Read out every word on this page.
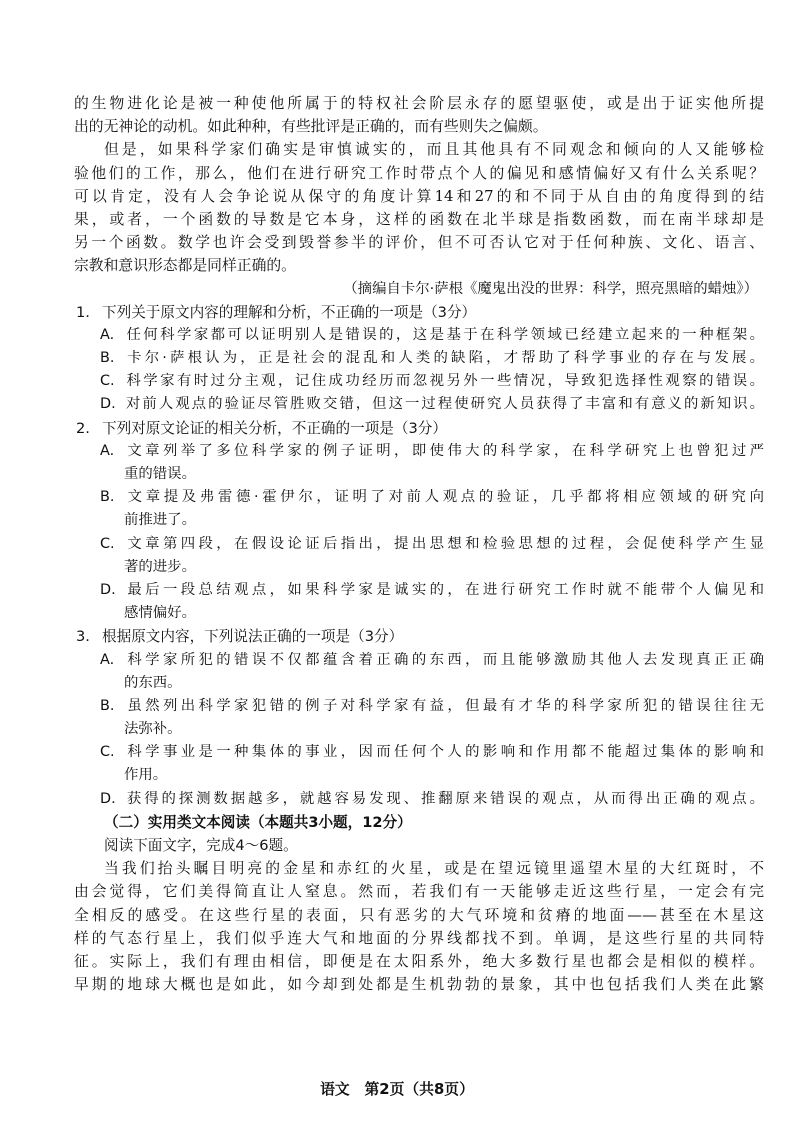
的生物进化论是被一种使他所属于的特权社会阶层永存的愿望驱使，或是出于证实他所提
出的无神论的动机。如此种种，有些批评是正确的，而有些则失之偏颇。
但是，如果科学家们确实是审慎诚实的，而且其他具有不同观念和倾向的人又能够检
验他们的工作，那么，他们在进行研究工作时带点个人的偏见和感情偏好又有什么关系呢？
可以肯定，没有人会争论说从保守的角度计算14和27的和不同于从自由的角度得到的结
果，或者，一个函数的导数是它本身，这样的函数在北半球是指数函数，而在南半球却是
另一个函数。数学也许会受到毁誉参半的评价，但不可否认它对于任何种族、文化、语言、
宗教和意识形态都是同样正确的。
（摘编自卡尔·萨根《魔鬼出没的世界：科学，照亮黑暗的蜡烛》）
1. 下列关于原文内容的理解和分析，不正确的一项是（3分）
A. 任何科学家都可以证明别人是错误的，这是基于在科学领域已经建立起来的一种框架。
B. 卡尔·萨根认为，正是社会的混乱和人类的缺陷，才帮助了科学事业的存在与发展。
C. 科学家有时过分主观，记住成功经历而忽视另外一些情况，导致犯选择性观察的错误。
D. 对前人观点的验证尽管胜败交错，但这一过程使研究人员获得了丰富和有意义的新知识。
2. 下列对原文论证的相关分析，不正确的一项是（3分）
A. 文章列举了多位科学家的例子证明，即使伟大的科学家，在科学研究上也曾犯过严
重的错误。
B. 文章提及弗雷德·霍伊尔，证明了对前人观点的验证，几乎都将相应领域的研究向
前推进了。
C. 文章第四段，在假设论证后指出，提出思想和检验思想的过程，会促使科学产生显
著的进步。
D. 最后一段总结观点，如果科学家是诚实的，在进行研究工作时就不能带个人偏见和
感情偏好。
3. 根据原文内容，下列说法正确的一项是（3分）
A. 科学家所犯的错误不仅都蕴含着正确的东西，而且能够激励其他人去发现真正正确
的东西。
B. 虽然列出科学家犯错的例子对科学家有益，但最有才华的科学家所犯的错误往往无
法弥补。
C. 科学事业是一种集体的事业，因而任何个人的影响和作用都不能超过集体的影响和
作用。
D. 获得的探测数据越多，就越容易发现、推翻原来错误的观点，从而得出正确的观点。
（二）实用类文本阅读（本题共3小题，12分）
阅读下面文字，完成4～6题。
当我们抬头瞩目明亮的金星和赤红的火星，或是在望远镜里遥望木星的大红斑时，不
由会觉得，它们美得简直让人窒息。然而，若我们有一天能够走近这些行星，一定会有完
全相反的感受。在这些行星的表面，只有恶劣的大气环境和贫瘠的地面——甚至在木星这
样的气态行星上，我们似乎连大气和地面的分界线都找不到。单调，是这些行星的共同特
征。实际上，我们有理由相信，即便是在太阳系外，绝大多数行星也都会是相似的模样。
早期的地球大概也是如此，如今却到处都是生机勃勃的景象，其中也包括我们人类在此繁
语文　第2页（共8页）
